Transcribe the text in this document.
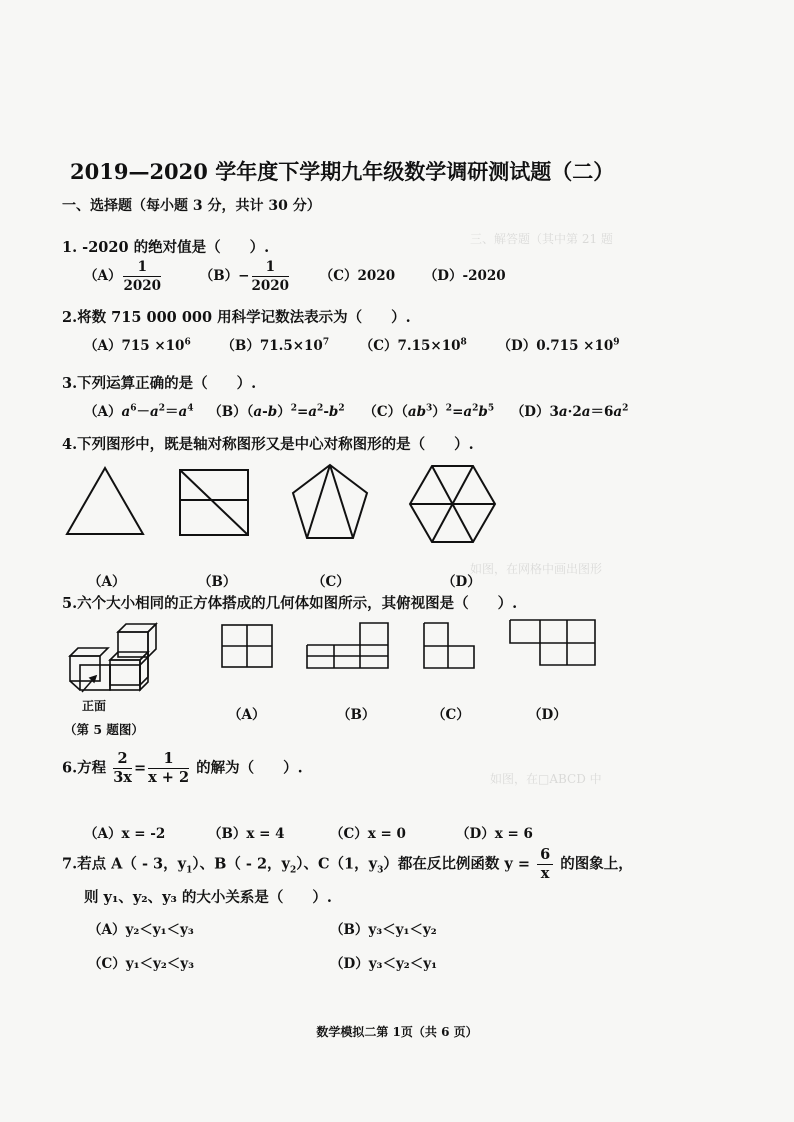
三、解答题（其中第 21 题
如图，在网格中画出图形
如图，在□ABCD 中
2019—2020 学年度下学期九年级数学调研测试题（二）
一、选择题（每小题 3 分，共计 30 分）
1. -2020 的绝对值是（　　）.
$(A) \frac{1}{2020}$	$(B)- \frac{1}{2020} (C)2020$ （D）-2020
2.将数 715 000 000 用科学记数法表示为（　　）.
$(A)715 \times 10^6$ $(B)71.5\times 10^7$ $(C)7.15\times 10^8$ $(D)0.715 \times 10^9$
3.下列运算正确的是（　　）.
$(A)a^6-a^2=a^4$ $(B)(a-b)^2=a^2-b^2$ $(C)(ab^3)^2=a^2b^5$ $(D)3a\cdot 2a=6a^2$
4.下列图形中，既是轴对称图形又是中心对称图形的是（　　）.
（A）	（B）	（C）	（D）
5.六个大小相同的正方体搭成的几何体如图所示，其俯视图是（　　）.
正面
（第 5 题图）
（A）	（B）	（C）	（D）
6.方程 $\frac{2}{3x} = \frac{1}{x + 2}$ 的解为（　　）.
（A）x = -2	（B）x = 4	（C）x = 0	（D）x = 6
7.若点 A（ - 3，$y_1$）、B（ - 2，$y_2$）、C（1，$y_3$）都在反比例函数 $y = \frac{6}{x}$ 的图象上，
则 y₁、y₂、y₃ 的大小关系是（　　）.
（A）y₂＜y₁＜y₃	（B）y₃＜y₁＜y₂
（C）y₁＜y₂＜y₃	（D）y₃＜y₂＜y₁
数学模拟二第 1页（共 6 页）
